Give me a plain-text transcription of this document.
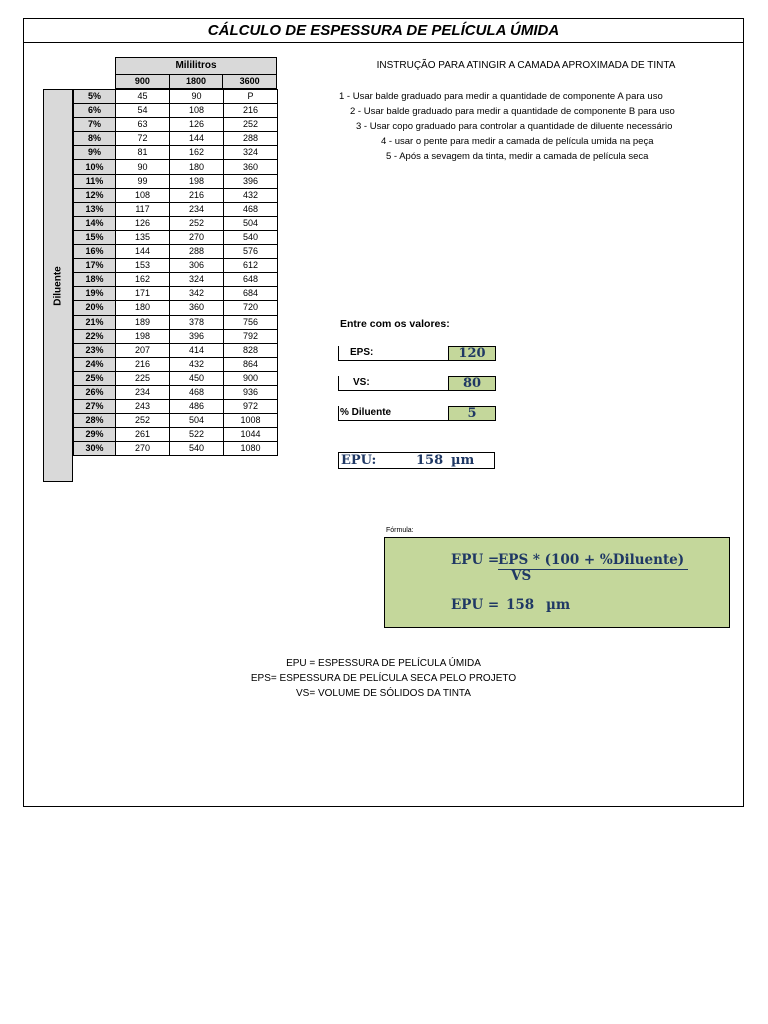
CÁLCULO DE ESPESSURA DE PELÍCULA ÚMIDA
Mililitros
900	1800	3600
Diluente
5%	45	90	P
6%	54	108	216
7%	63	126	252
8%	72	144	288
9%	81	162	324
10%	90	180	360
11%	99	198	396
12%	108	216	432
13%	117	234	468
14%	126	252	504
15%	135	270	540
16%	144	288	576
17%	153	306	612
18%	162	324	648
19%	171	342	684
20%	180	360	720
21%	189	378	756
22%	198	396	792
23%	207	414	828
24%	216	432	864
25%	225	450	900
26%	234	468	936
27%	243	486	972
28%	252	504	1008
29%	261	522	1044
30%	270	540	1080
INSTRUÇÃO PARA ATINGIR A CAMADA APROXIMADA DE TINTA
1 - Usar balde graduado para medir a quantidade de componente A para uso
2 - Usar balde graduado para medir a quantidade de componente B para uso
3 - Usar copo graduado para controlar a quantidade de diluente necessário
4 - usar o pente para medir a camada de película umida na peça
5 - Após a sevagem da tinta, medir a camada de película seca
Entre com os valores:
EPS:	120
VS:	80
% Diluente	5
EPU:	158 µm
Fórmula:
EPU =
EPS * (100 + %Diluente)
VS
EPU = 158 µm
EPU = ESPESSURA DE PELÍCULA ÚMIDA
EPS= ESPESSURA DE PELÍCULA SECA PELO PROJETO
VS= VOLUME DE SÓLIDOS DA TINTA
